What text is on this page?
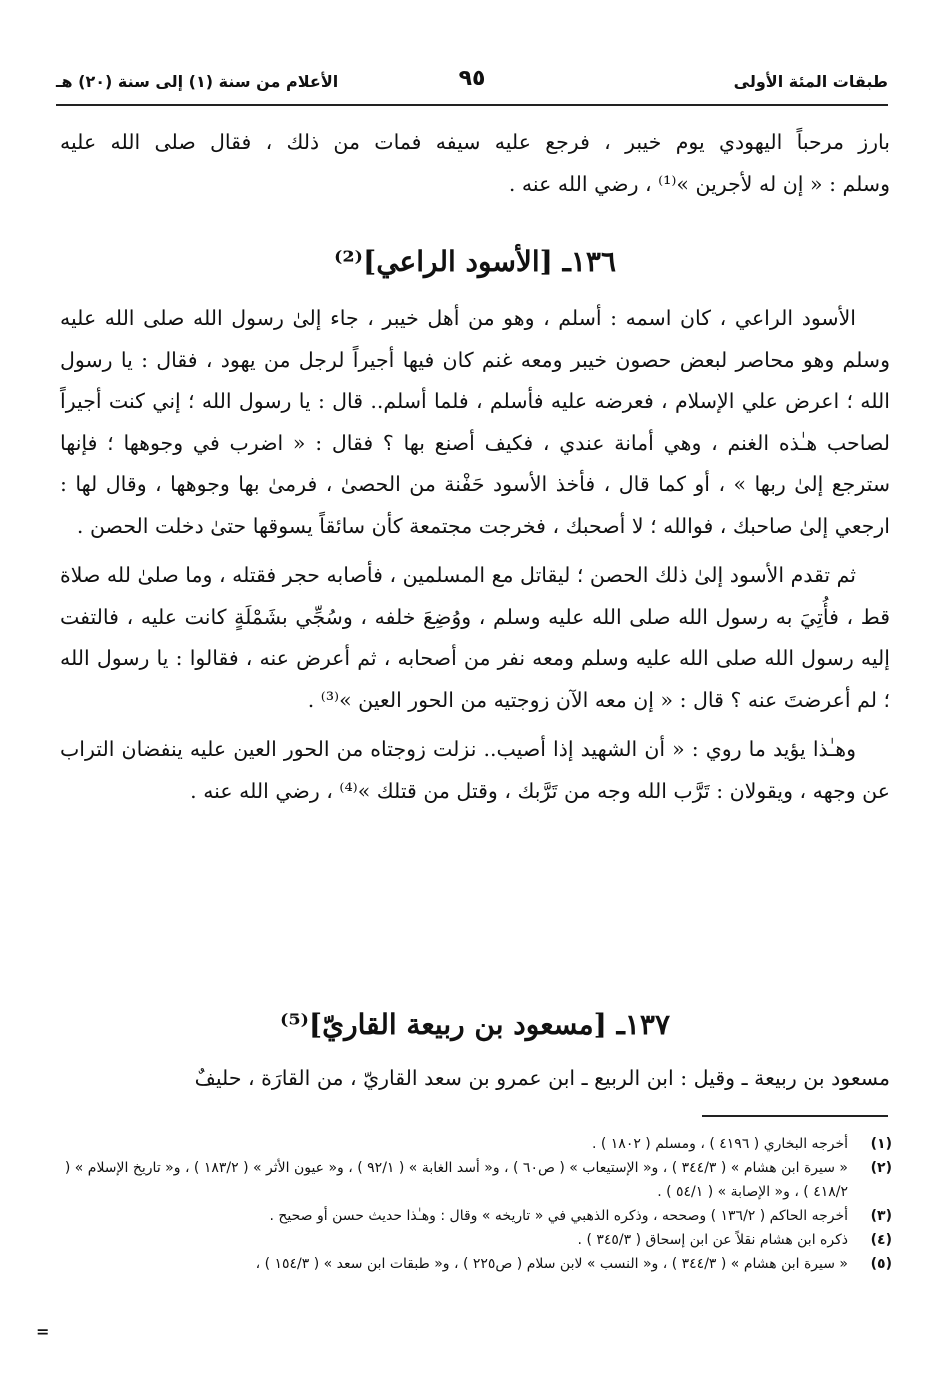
طبقات المئة الأولى
٩٥
الأعلام من سنة (١) إلى سنة (٢٠) هـ

بارز مرحباً اليهودي يوم خيبر ، فرجع عليه سيفه فمات من ذلك ، فقال صلى الله عليه

وسلم : « إن له لأجرين »⁽¹⁾ ، رضي الله عنه .

١٣٦ـ [الأسود الراعي]⁽²⁾

الأسود الراعي ، كان اسمه : أسلم ، وهو من أهل خيبر ، جاء إلىٰ رسول الله صلى الله عليه وسلم وهو محاصر لبعض حصون خيبر ومعه غنم كان فيها أجيراً لرجل من يهود ، فقال : يا رسول الله ؛ اعرض علي الإسلام ، فعرضه عليه فأسلم ، فلما أسلم.. قال : يا رسول الله ؛ إني كنت أجيراً لصاحب هـٰذه الغنم ، وهي أمانة عندي ، فكيف أصنع بها ؟ فقال : « اضرب في وجوهها ؛ فإنها سترجع إلىٰ ربها » ، أو كما قال ، فأخذ الأسود حَفْنة من الحصىٰ ، فرمىٰ بها وجوهها ، وقال لها : ارجعي إلىٰ صاحبك ، فوالله ؛ لا أصحبك ، فخرجت مجتمعة كأن سائقاً يسوقها حتىٰ دخلت الحصن .

ثم تقدم الأسود إلىٰ ذلك الحصن ؛ ليقاتل مع المسلمين ، فأصابه حجر فقتله ، وما صلىٰ لله صلاة قط ، فأُتِيَ به رسول الله صلى الله عليه وسلم ، ووُضِعَ خلفه ، وسُجِّي بشَمْلَةٍ كانت عليه ، فالتفت إليه رسول الله صلى الله عليه وسلم ومعه نفر من أصحابه ، ثم أعرض عنه ، فقالوا : يا رسول الله ؛ لم أعرضتَ عنه ؟ قال : « إن معه الآن زوجتيه من الحور العين »⁽³⁾ .

وهـٰذا يؤيد ما روي : « أن الشهيد إذا أصيب.. نزلت زوجتاه من الحور العين عليه ينفضان التراب عن وجهه ، ويقولان : تَرَّب الله وجه من تَرَّبك ، وقتل من قتلك »⁽⁴⁾ ، رضي الله عنه .

١٣٧ـ [مسعود بن ربيعة القاريّ]⁽⁵⁾

مسعود بن ربيعة ـ وقيل : ابن الربيع ـ ابن عمرو بن سعد القاريّ ، من القارَة ، حليفٌ

(١)
أخرجه البخاري ( ٤١٩٦ ) ، ومسلم ( ١٨٠٢ ) .
(٢)
« سيرة ابن هشام » ( ٣٤٤/٣ ) ، و« الإستيعاب » ( ص٦٠ ) ، و« أسد الغابة » ( ٩٢/١ ) ، و« عيون الأثر » ( ١٨٣/٢ ) ، و« تاريخ الإسلام » ( ٤١٨/٢ ) ، و« الإصابة » ( ٥٤/١ ) .
(٣)
أخرجه الحاكم ( ١٣٦/٢ ) وصححه ، وذكره الذهبي في « تاريخه » وقال : وهـٰذا حديث حسن أو صحيح .
(٤)
ذكره ابن هشام نقلاً عن ابن إسحاق ( ٣٤٥/٣ ) .
(٥)
« سيرة ابن هشام » ( ٣٤٤/٣ ) ، و« النسب » لابن سلام ( ص٢٢٥ ) ، و« طبقات ابن سعد » ( ١٥٤/٣ ) ،
=
